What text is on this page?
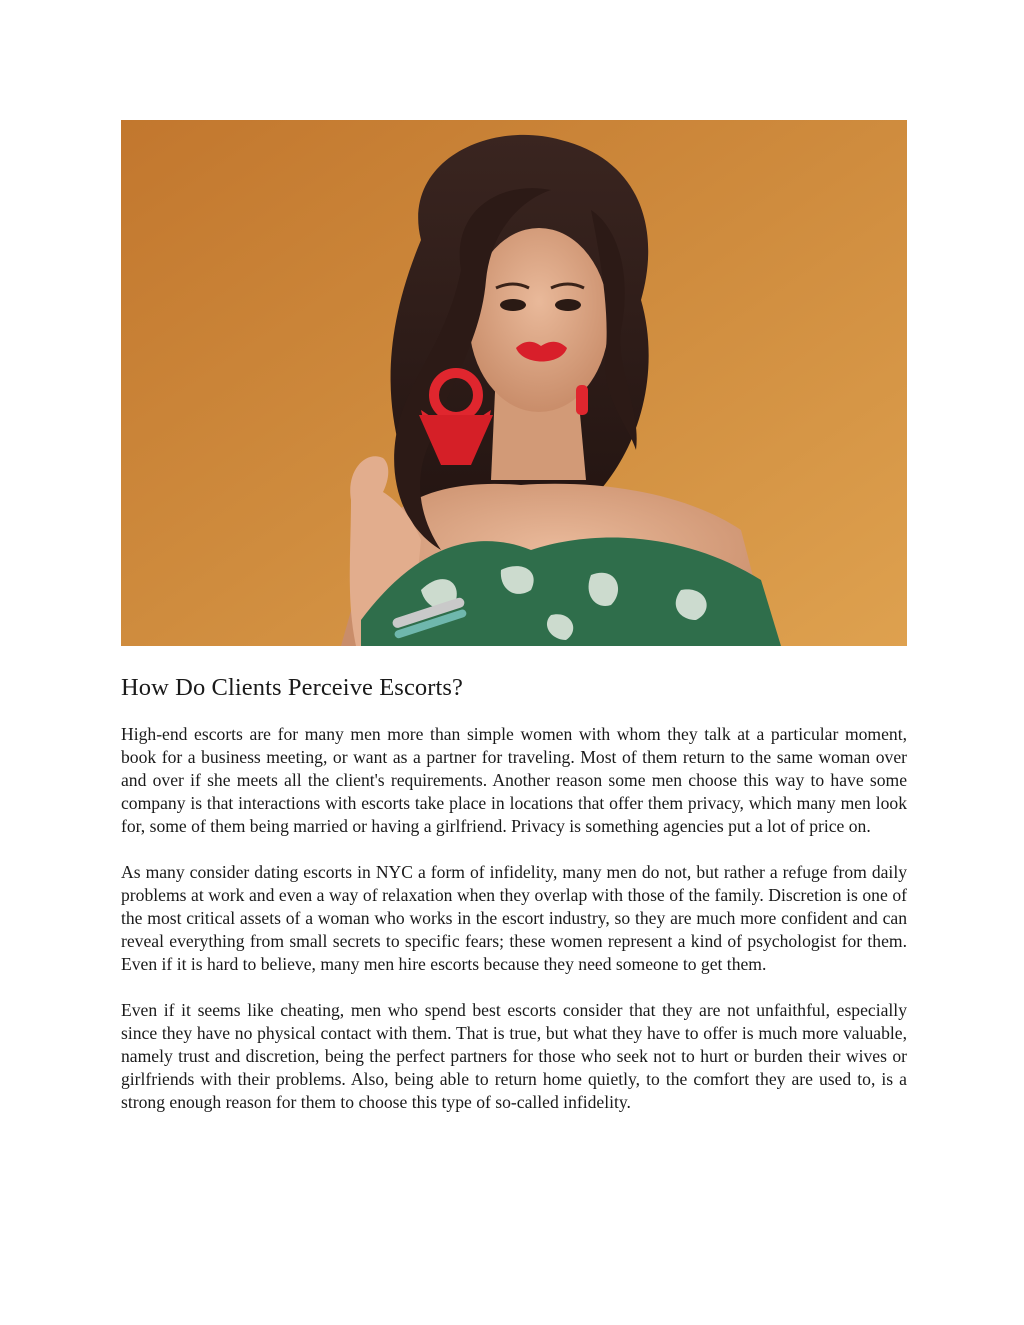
How Do Clients Perceive Escorts?

High-end escorts are for many men more than simple women with whom they talk at a particular moment, book for a business meeting, or want as a partner for traveling. Most of them return to the same woman over and over if she meets all the client's requirements. Another reason some men choose this way to have some company is that interactions with escorts take place in locations that offer them privacy, which many men look for, some of them being married or having a girlfriend. Privacy is something agencies put a lot of price on.

As many consider dating escorts in NYC a form of infidelity, many men do not, but rather a refuge from daily problems at work and even a way of relaxation when they overlap with those of the family. Discretion is one of the most critical assets of a woman who works in the escort industry, so they are much more confident and can reveal everything from small secrets to specific fears; these women represent a kind of psychologist for them. Even if it is hard to believe, many men hire escorts because they need someone to get them.

Even if it seems like cheating, men who spend best escorts consider that they are not unfaithful, especially since they have no physical contact with them. That is true, but what they have to offer is much more valuable, namely trust and discretion, being the perfect partners for those who seek not to hurt or burden their wives or girlfriends with their problems. Also, being able to return home quietly, to the comfort they are used to, is a strong enough reason for them to choose this type of so-called infidelity.
